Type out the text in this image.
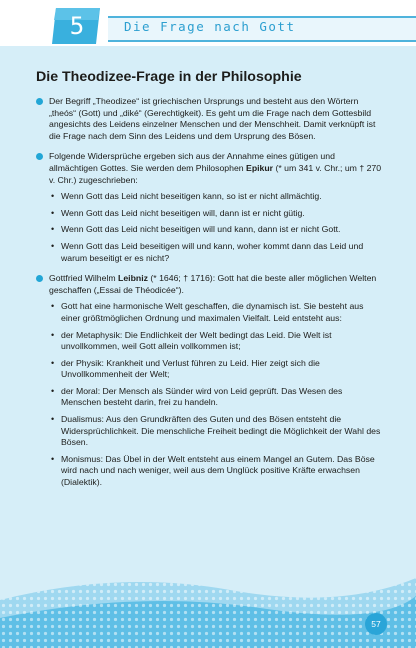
5	Die Frage nach Gott
Die Theodizee-Frage in der Philosophie
Der Begriff „Theodizee“ ist griechischen Ursprungs und besteht aus den Wörtern „theós“ (Gott) und „diké“ (Gerechtigkeit). Es geht um die Frage nach dem Gottesbild angesichts des Leidens einzelner Menschen und der Menschheit. Damit verknüpft ist die Frage nach dem Sinn des Leidens und dem Ursprung des Bösen.
Folgende Widersprüche ergeben sich aus der Annahme eines gütigen und allmächtigen Gottes. Sie werden dem Philosophen Epikur (* um 341 v. Chr.; um † 270 v. Chr.) zugeschrieben:
• Wenn Gott das Leid nicht beseitigen kann, so ist er nicht allmächtig.
• Wenn Gott das Leid nicht beseitigen will, dann ist er nicht gütig.
• Wenn Gott das Leid nicht beseitigen will und kann, dann ist er nicht Gott.
• Wenn Gott das Leid beseitigen will und kann, woher kommt dann das Leid und warum beseitigt er es nicht?
Gottfried Wilhelm Leibniz (* 1646; † 1716): Gott hat die beste aller möglichen Welten geschaffen („Essai de Théodicée“).
• Gott hat eine harmonische Welt geschaffen, die dynamisch ist. Sie besteht aus einer größtmöglichen Ordnung und maximalen Vielfalt. Leid entsteht aus:
• der Metaphysik: Die Endlichkeit der Welt bedingt das Leid. Die Welt ist unvollkommen, weil Gott allein vollkommen ist;
• der Physik: Krankheit und Verlust führen zu Leid. Hier zeigt sich die Unvollkommenheit der Welt;
• der Moral: Der Mensch als Sünder wird von Leid geprüft. Das Wesen des Menschen besteht darin, frei zu handeln.
• Dualismus: Aus den Grundkräften des Guten und des Bösen entsteht die Widersprüchlichkeit. Die menschliche Freiheit bedingt die Möglichkeit der Wahl des Bösen.
• Monismus: Das Übel in der Welt entsteht aus einem Mangel an Gutem. Das Böse wird nach und nach weniger, weil aus dem Unglück positive Kräfte erwachsen (Dialektik).
57
